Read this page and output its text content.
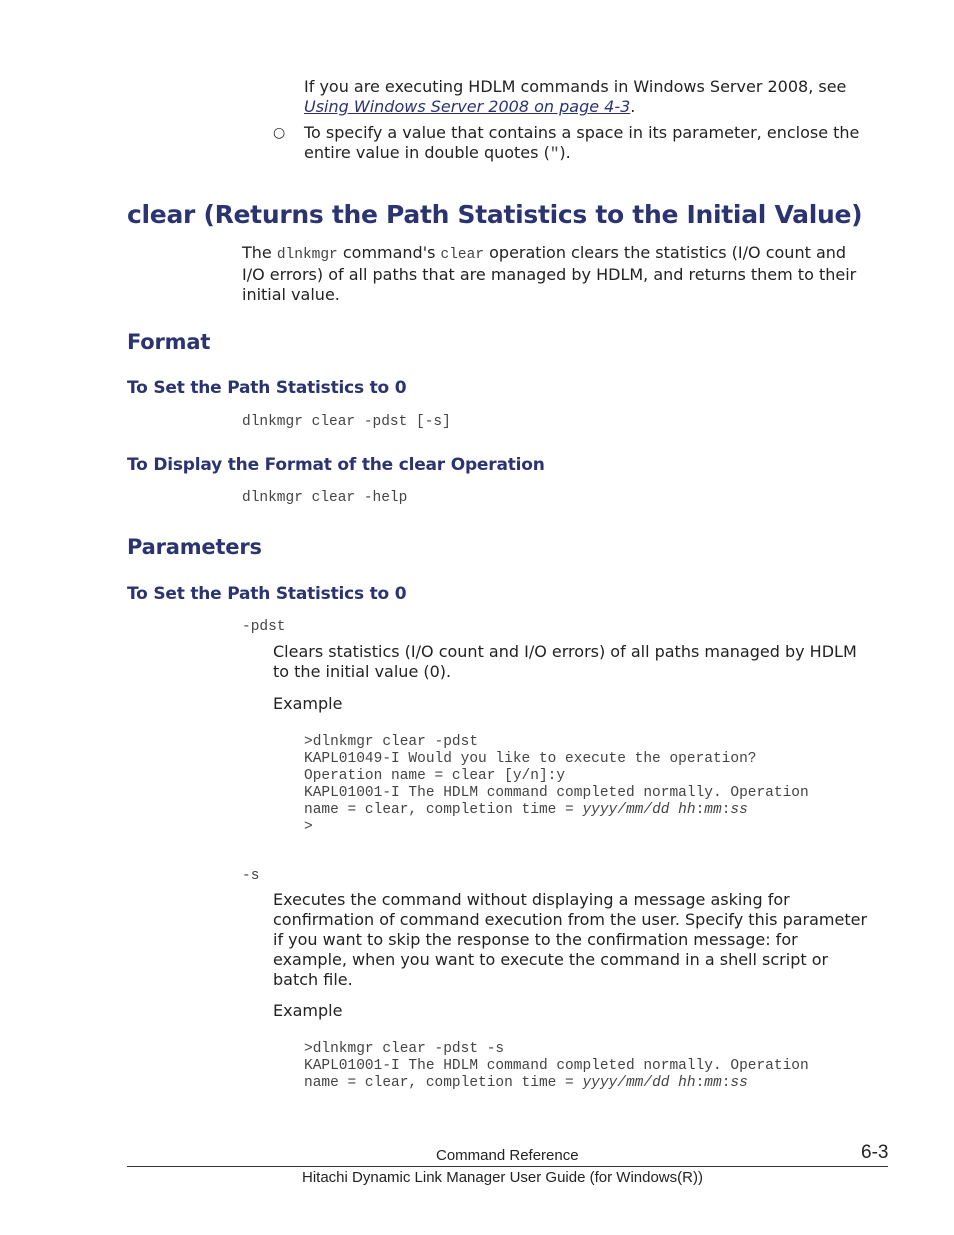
If you are executing HDLM commands in Windows Server 2008, see
Using Windows Server 2008 on page 4-3.

○ To specify a value that contains a space in its parameter, enclose the
entire value in double quotes (").

clear (Returns the Path Statistics to the Initial Value)

The dlnkmgr command's clear operation clears the statistics (I/O count and
I/O errors) of all paths that are managed by HDLM, and returns them to their
initial value.

Format
To Set the Path Statistics to 0
dlnkmgr clear -pdst [-s]
To Display the Format of the clear Operation
dlnkmgr clear -help
Parameters
To Set the Path Statistics to 0
-pdst

Clears statistics (I/O count and I/O errors) of all paths managed by HDLM
to the initial value (0).

Example

>dlnkmgr clear -pdst
KAPL01049-I Would you like to execute the operation?
Operation name = clear [y/n]:y
KAPL01001-I The HDLM command completed normally. Operation
name = clear, completion time = yyyy/mm/dd hh:mm:ss
>
-s

Executes the command without displaying a message asking for
confirmation of command execution from the user. Specify this parameter
if you want to skip the response to the confirmation message: for
example, when you want to execute the command in a shell script or
batch file.

Example

>dlnkmgr clear -pdst -s
KAPL01001-I The HDLM command completed normally. Operation
name = clear, completion time = yyyy/mm/dd hh:mm:ss
Command Reference	6-3
Hitachi Dynamic Link Manager User Guide (for Windows(R))
